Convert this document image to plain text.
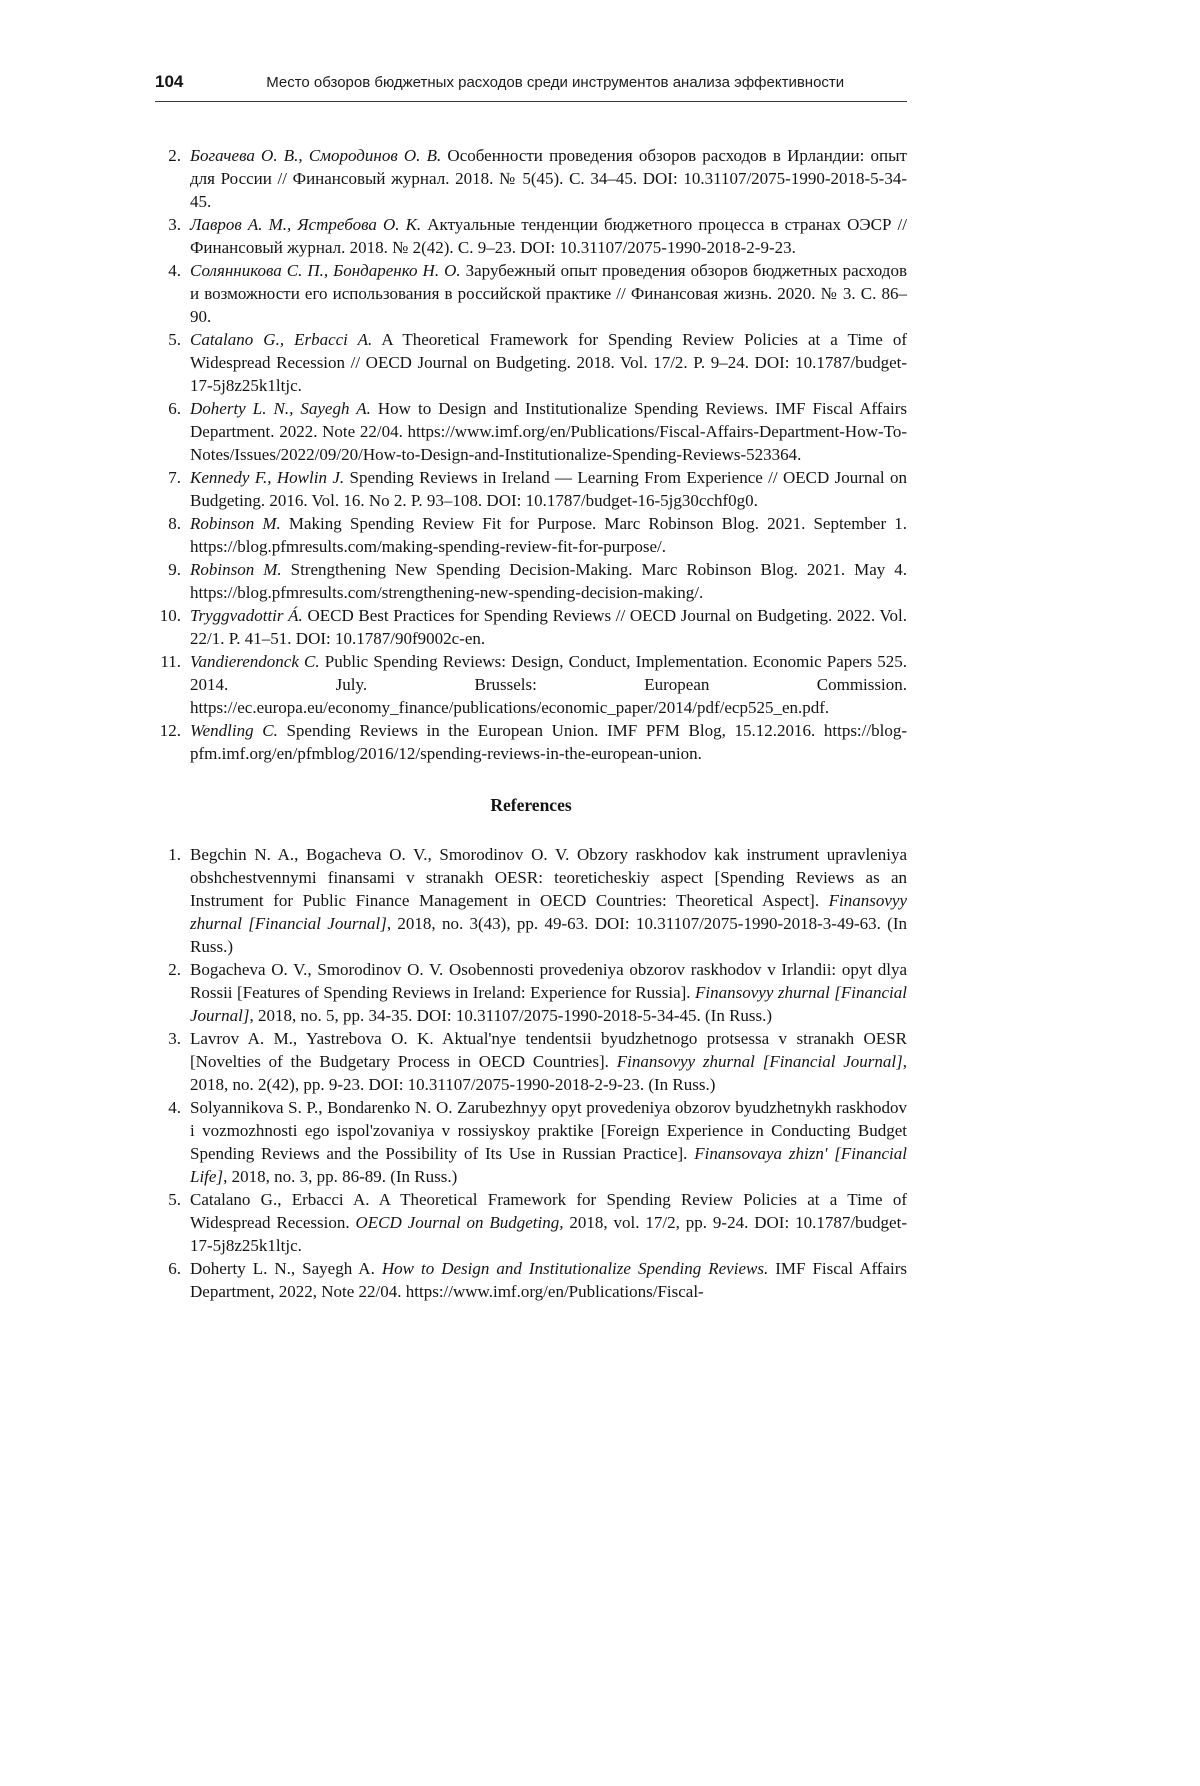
104	Место обзоров бюджетных расходов среди инструментов анализа эффективности
2. Богачева О. В., Смородинов О. В. Особенности проведения обзоров расходов в Ирландии: опыт для России // Финансовый журнал. 2018. № 5(45). С. 34–45. DOI: 10.31107/2075-1990-2018-5-34-45.
3. Лавров А. М., Ястребова О. К. Актуальные тенденции бюджетного процесса в странах ОЭСР // Финансовый журнал. 2018. № 2(42). С. 9–23. DOI: 10.31107/2075-1990-2018-2-9-23.
4. Солянникова С. П., Бондаренко Н. О. Зарубежный опыт проведения обзоров бюджетных расходов и возможности его использования в российской практике // Финансовая жизнь. 2020. № 3. С. 86–90.
5. Catalano G., Erbacci A. A Theoretical Framework for Spending Review Policies at a Time of Widespread Recession // OECD Journal on Budgeting. 2018. Vol. 17/2. P. 9–24. DOI: 10.1787/budget-17-5j8z25k1ltjc.
6. Doherty L. N., Sayegh A. How to Design and Institutionalize Spending Reviews. IMF Fiscal Affairs Department. 2022. Note 22/04. https://www.imf.org/en/Publications/Fiscal-Affairs-Department-How-To-Notes/Issues/2022/09/20/How-to-Design-and-Institutionalize-Spending-Reviews-523364.
7. Kennedy F., Howlin J. Spending Reviews in Ireland — Learning From Experience // OECD Journal on Budgeting. 2016. Vol. 16. No 2. P. 93–108. DOI: 10.1787/budget-16-5jg30cchf0g0.
8. Robinson M. Making Spending Review Fit for Purpose. Marc Robinson Blog. 2021. September 1. https://blog.pfmresults.com/making-spending-review-fit-for-purpose/.
9. Robinson M. Strengthening New Spending Decision-Making. Marc Robinson Blog. 2021. May 4. https://blog.pfmresults.com/strengthening-new-spending-decision-making/.
10. Tryggvadottir Á. OECD Best Practices for Spending Reviews // OECD Journal on Budgeting. 2022. Vol. 22/1. P. 41–51. DOI: 10.1787/90f9002c-en.
11. Vandierendonck C. Public Spending Reviews: Design, Conduct, Implementation. Economic Papers 525. 2014. July. Brussels: European Commission. https://ec.europa.eu/economy_finance/publications/economic_paper/2014/pdf/ecp525_en.pdf.
12. Wendling C. Spending Reviews in the European Union. IMF PFM Blog, 15.12.2016. https://blog-pfm.imf.org/en/pfmblog/2016/12/spending-reviews-in-the-european-union.
References
1. Begchin N. A., Bogacheva O. V., Smorodinov O. V. Obzory raskhodov kak instrument upravleniya obshchestvennymi finansami v stranakh OESR: teoreticheskiy aspect [Spending Reviews as an Instrument for Public Finance Management in OECD Countries: Theoretical Aspect]. Finansovyy zhurnal [Financial Journal], 2018, no. 3(43), pp. 49-63. DOI: 10.31107/2075-1990-2018-3-49-63. (In Russ.)
2. Bogacheva O. V., Smorodinov O. V. Osobennosti provedeniya obzorov raskhodov v Irlandii: opyt dlya Rossii [Features of Spending Reviews in Ireland: Experience for Russia]. Finansovyy zhurnal [Financial Journal], 2018, no. 5, pp. 34-35. DOI: 10.31107/2075-1990-2018-5-34-45. (In Russ.)
3. Lavrov A. M., Yastrebova O. K. Aktual'nye tendentsii byudzhetnogo protsessa v stranakh OESR [Novelties of the Budgetary Process in OECD Countries]. Finansovyy zhurnal [Financial Journal], 2018, no. 2(42), pp. 9-23. DOI: 10.31107/2075-1990-2018-2-9-23. (In Russ.)
4. Solyannikova S. P., Bondarenko N. O. Zarubezhnyy opyt provedeniya obzorov byudzhetnykh raskhodov i vozmozhnosti ego ispol'zovaniya v rossiyskoy praktike [Foreign Experience in Conducting Budget Spending Reviews and the Possibility of Its Use in Russian Practice]. Finansovaya zhizn' [Financial Life], 2018, no. 3, pp. 86-89. (In Russ.)
5. Catalano G., Erbacci A. A Theoretical Framework for Spending Review Policies at a Time of Widespread Recession. OECD Journal on Budgeting, 2018, vol. 17/2, pp. 9-24. DOI: 10.1787/budget-17-5j8z25k1ltjc.
6. Doherty L. N., Sayegh A. How to Design and Institutionalize Spending Reviews. IMF Fiscal Affairs Department, 2022, Note 22/04. https://www.imf.org/en/Publications/Fiscal-
